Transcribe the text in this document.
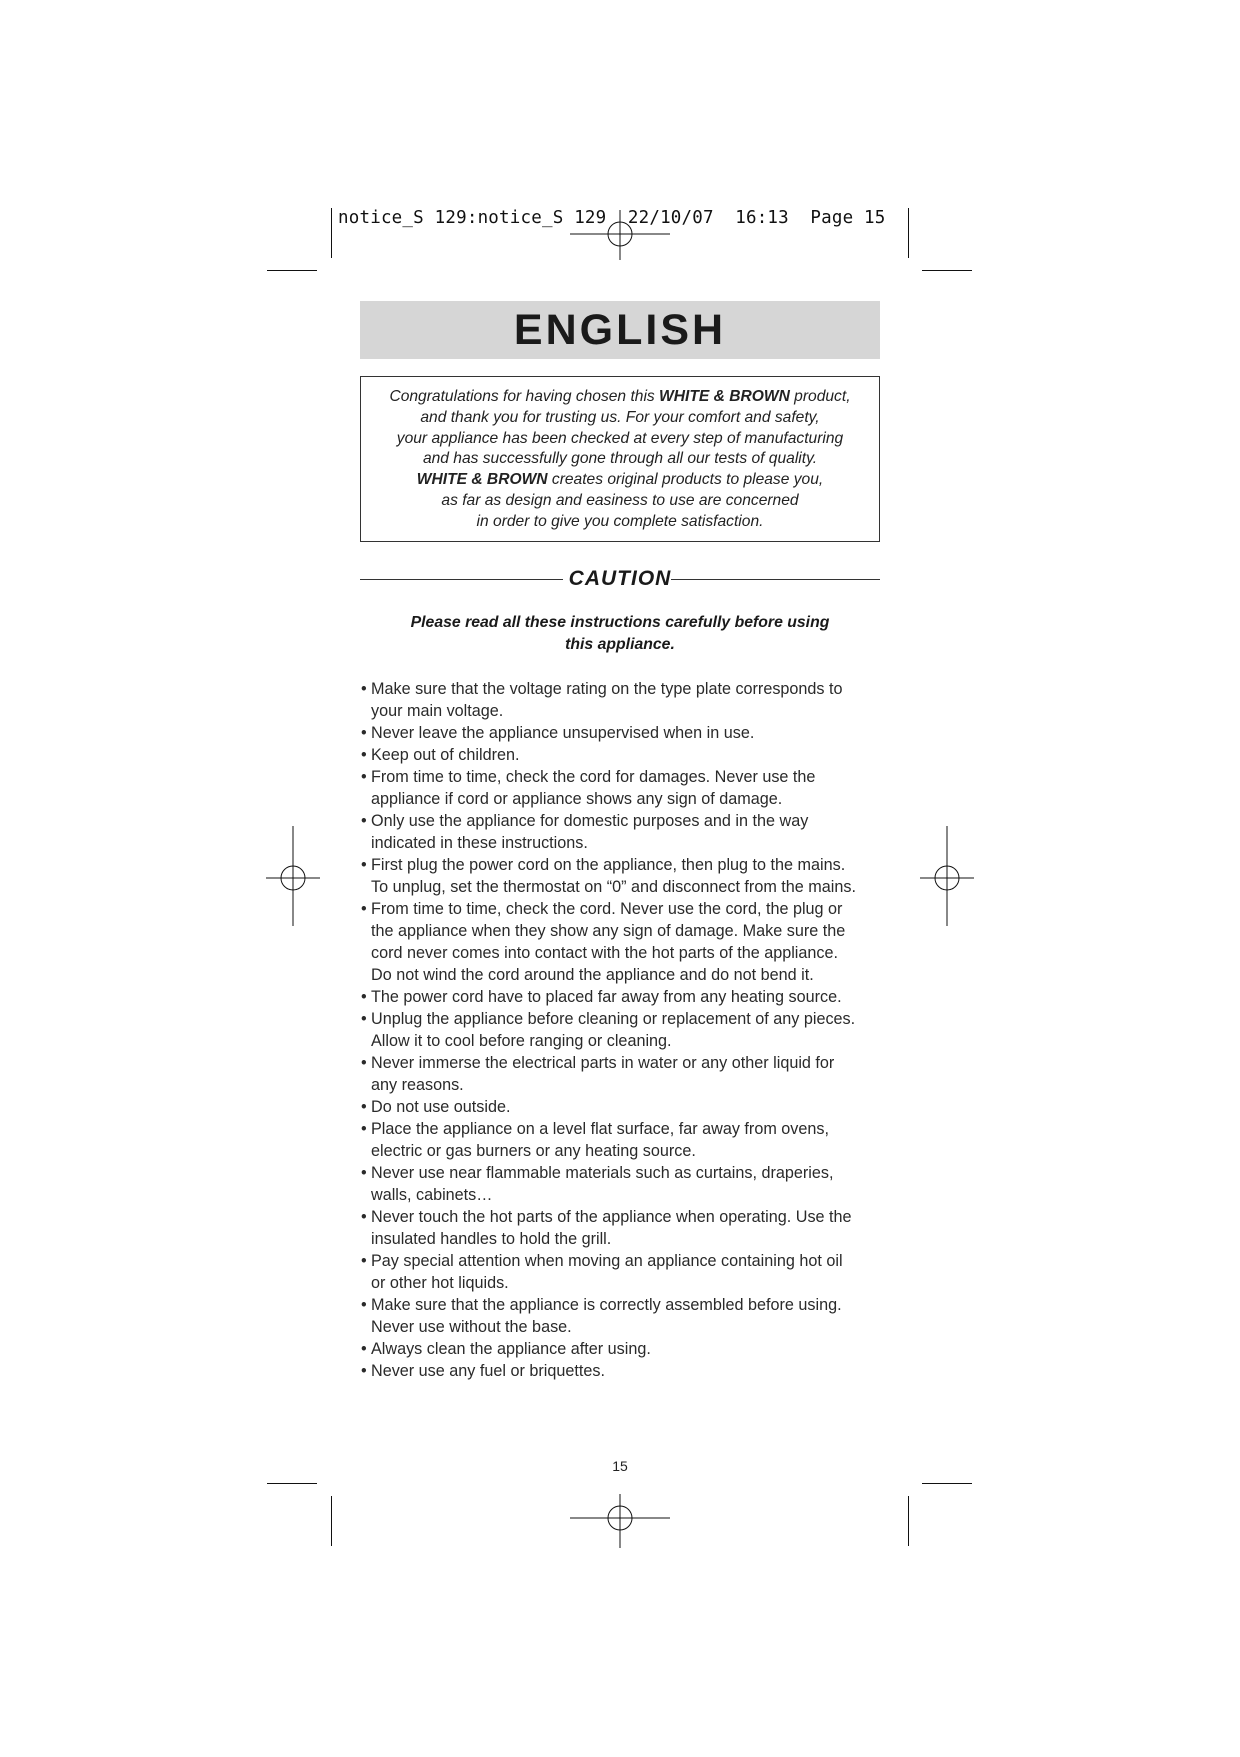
notice_S 129:notice_S 129  22/10/07  16:13  Page 15
ENGLISH

Congratulations for having chosen this WHITE & BROWN product,

and thank you for trusting us. For your comfort and safety,

your appliance has been checked at every step of manufacturing

and has successfully gone through all our tests of quality.

WHITE & BROWN creates original products to please you,

as far as design and easiness to use are concerned

in order to give you complete satisfaction.

CAUTION
Please read all these instructions carefully before using
this appliance.
• Make sure that the voltage rating on the type plate corresponds to
your main voltage.
• Never leave the appliance unsupervised when in use.
• Keep out of children.
• From time to time, check the cord for damages. Never use the
appliance if cord or appliance shows any sign of damage.
• Only use the appliance for domestic purposes and in the way
indicated in these instructions.
• First plug the power cord on the appliance, then plug to the mains.
To unplug, set the thermostat on “0” and disconnect from the mains.
• From time to time, check the cord. Never use the cord, the plug or
the appliance when they show any sign of damage. Make sure the
cord never comes into contact with the hot parts of the appliance.
Do not wind the cord around the appliance and do not bend it.
• The power cord have to placed far away from any heating source.
• Unplug the appliance before cleaning or replacement of any pieces.
Allow it to cool before ranging or cleaning.
• Never immerse the electrical parts in water or any other liquid for
any reasons.
• Do not use outside.
• Place the appliance on a level flat surface, far away from ovens,
electric or gas burners or any heating source.
• Never use near flammable materials such as curtains, draperies,
walls, cabinets…
• Never touch the hot parts of the appliance when operating. Use the
insulated handles to hold the grill.
• Pay special attention when moving an appliance containing hot oil
or other hot liquids.
• Make sure that the appliance is correctly assembled before using.
Never use without the base.
• Always clean the appliance after using.
• Never use any fuel or briquettes.
15
